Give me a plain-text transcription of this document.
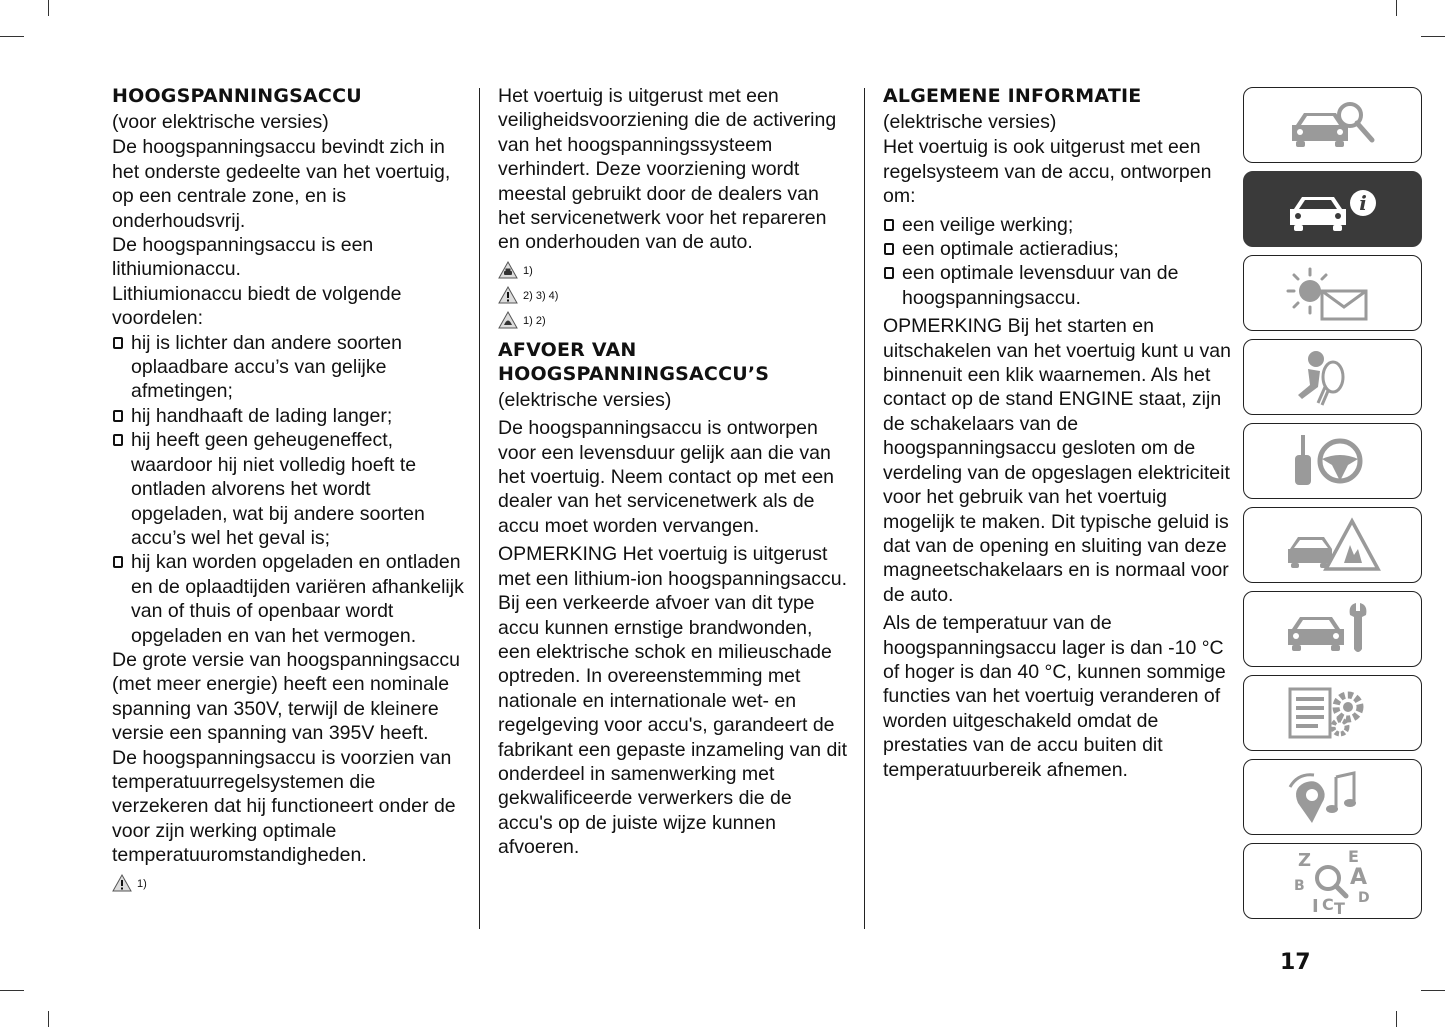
HOOGSPANNINGSACCU

(voor elektrische versies)

De hoogspanningsaccu bevindt zich in het onderste gedeelte van het voertuig, op een centrale zone, en is onderhoudsvrij.

De hoogspanningsaccu is een lithiumionaccu.

Lithiumionaccu biedt de volgende voordelen:

hij is lichter dan andere soorten oplaadbare accu’s van gelijke afmetingen;

hij handhaaft de lading langer;

hij heeft geen geheugeneffect, waardoor hij niet volledig hoeft te ontladen alvorens het wordt opgeladen, wat bij andere soorten accu’s wel het geval is;

hij kan worden opgeladen en ontladen en de oplaadtijden variëren afhankelijk van of thuis of openbaar wordt opgeladen en van het vermogen.

De grote versie van hoogspanningsaccu (met meer energie) heeft een nominale spanning van 350V, terwijl de kleinere versie een spanning van 395V heeft.

De hoogspanningsaccu is voorzien van temperatuurregelsystemen die verzekeren dat hij functioneert onder de voor zijn werking optimale temperatuuromstandigheden.

1)

Het voertuig is uitgerust met een veiligheidsvoorziening die de activering van het hoogspanningssysteem verhindert. Deze voorziening wordt meestal gebruikt door de dealers van het servicenetwerk voor het repareren en onderhouden van de auto.

1)
2) 3) 4)
1) 2)
AFVOER VAN HOOGSPANNINGSACCU’S

(elektrische versies)

De hoogspanningsaccu is ontworpen voor een levensduur gelijk aan die van het voertuig. Neem contact op met een dealer van het servicenetwerk als de accu moet worden vervangen.

OPMERKING Het voertuig is uitgerust met een lithium-ion hoogspanningsaccu. Bij een verkeerde afvoer van dit type accu kunnen ernstige brandwonden, een elektrische schok en milieuschade optreden. In overeenstemming met nationale en internationale wet- en regelgeving voor accu's, garandeert de fabrikant een gepaste inzameling van dit onderdeel in samenwerking met gekwalificeerde verwerkers die de accu's op de juiste wijze kunnen afvoeren.

ALGEMENE INFORMATIE

(elektrische versies)

Het voertuig is ook uitgerust met een regelsysteem van de accu, ontworpen om:

een veilige werking;

een optimale actieradius;

een optimale levensduur van de hoogspanningsaccu.

OPMERKING Bij het starten en uitschakelen van het voertuig kunt u van binnenuit een klik waarnemen. Als het contact op de stand ENGINE staat, zijn de schakelaars van de hoogspanningsaccu gesloten om de verdeling van de opgeslagen elektriciteit voor het gebruik van het voertuig mogelijk te maken. Dit typische geluid is dat van de opening en sluiting van deze magneetschakelaars en is normaal voor de auto.

Als de temperatuur van de hoogspanningsaccu lager is dan -10 °C of hoger is dan 40 °C, kunnen sommige functies van het voertuig veranderen of worden uitgeschakeld omdat de prestaties van de accu buiten dit temperatuurbereik afnemen.

i
Z E
B A
D
I C T
17
